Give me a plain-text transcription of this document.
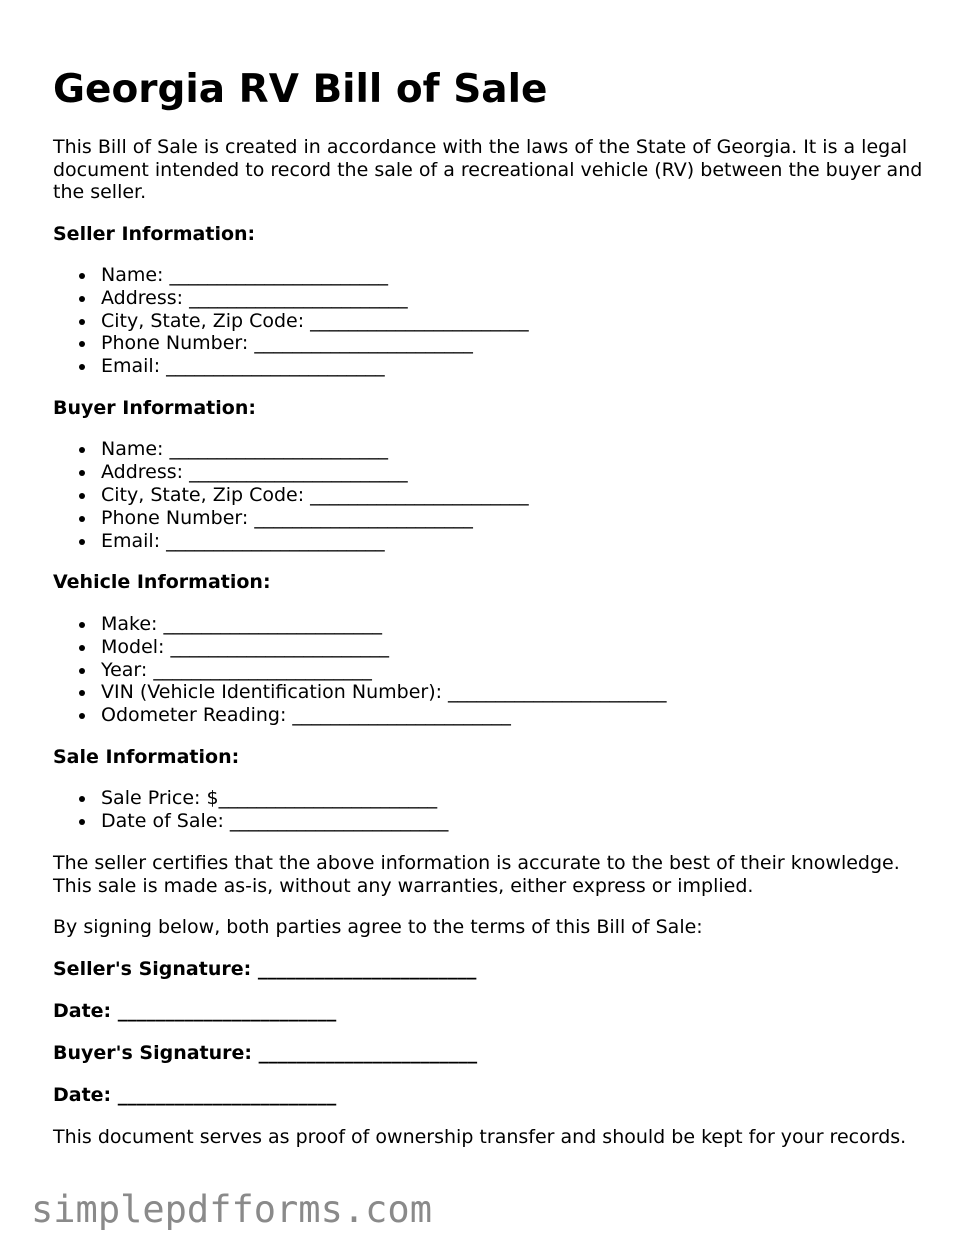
Georgia RV Bill of Sale

This Bill of Sale is created in accordance with the laws of the State of Georgia. It is a legal document intended to record the sale of a recreational vehicle (RV) between the buyer and the seller.

Seller Information:
Name: _______________________
Address: _______________________
City, State, Zip Code: _______________________
Phone Number: _______________________
Email: _______________________
Buyer Information:
Name: _______________________
Address: _______________________
City, State, Zip Code: _______________________
Phone Number: _______________________
Email: _______________________
Vehicle Information:
Make: _______________________
Model: _______________________
Year: _______________________
VIN (Vehicle Identification Number): _______________________
Odometer Reading: _______________________
Sale Information:
Sale Price: $_______________________
Date of Sale: _______________________

The seller certifies that the above information is accurate to the best of their knowledge. This sale is made as-is, without any warranties, either express or implied.

By signing below, both parties agree to the terms of this Bill of Sale:

Seller's Signature: _______________________
Date: _______________________
Buyer's Signature: _______________________
Date: _______________________

This document serves as proof of ownership transfer and should be kept for your records.

simplepdfforms.com
